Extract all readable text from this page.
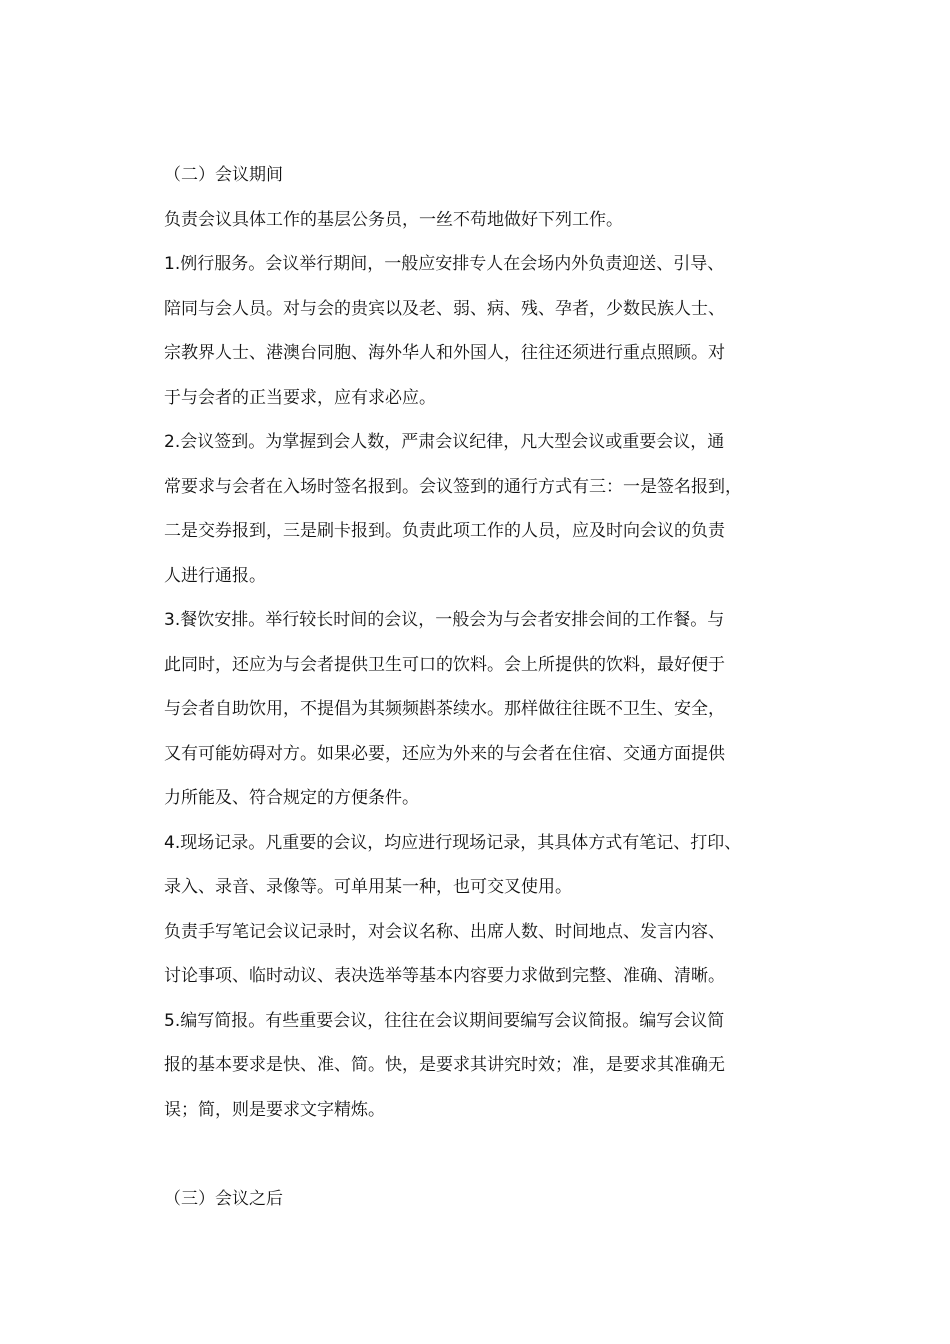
（二）会议期间
负责会议具体工作的基层公务员，一丝不苟地做好下列工作。
1.例行服务。会议举行期间，一般应安排专人在会场内外负责迎送、引导、
陪同与会人员。对与会的贵宾以及老、弱、病、残、孕者，少数民族人士、
宗教界人士、港澳台同胞、海外华人和外国人，往往还须进行重点照顾。对
于与会者的正当要求，应有求必应。
2.会议签到。为掌握到会人数，严肃会议纪律，凡大型会议或重要会议，通
常要求与会者在入场时签名报到。会议签到的通行方式有三：一是签名报到，
二是交券报到，三是刷卡报到。负责此项工作的人员，应及时向会议的负责
人进行通报。
3.餐饮安排。举行较长时间的会议，一般会为与会者安排会间的工作餐。与
此同时，还应为与会者提供卫生可口的饮料。会上所提供的饮料，最好便于
与会者自助饮用，不提倡为其频频斟茶续水。那样做往往既不卫生、安全，
又有可能妨碍对方。如果必要，还应为外来的与会者在住宿、交通方面提供
力所能及、符合规定的方便条件。
4.现场记录。凡重要的会议，均应进行现场记录，其具体方式有笔记、打印、
录入、录音、录像等。可单用某一种，也可交叉使用。
负责手写笔记会议记录时，对会议名称、出席人数、时间地点、发言内容、
讨论事项、临时动议、表决选举等基本内容要力求做到完整、准确、清晰。
5.编写简报。有些重要会议，往往在会议期间要编写会议简报。编写会议简
报的基本要求是快、准、简。快，是要求其讲究时效；准，是要求其准确无
误；简，则是要求文字精炼。
（三）会议之后
